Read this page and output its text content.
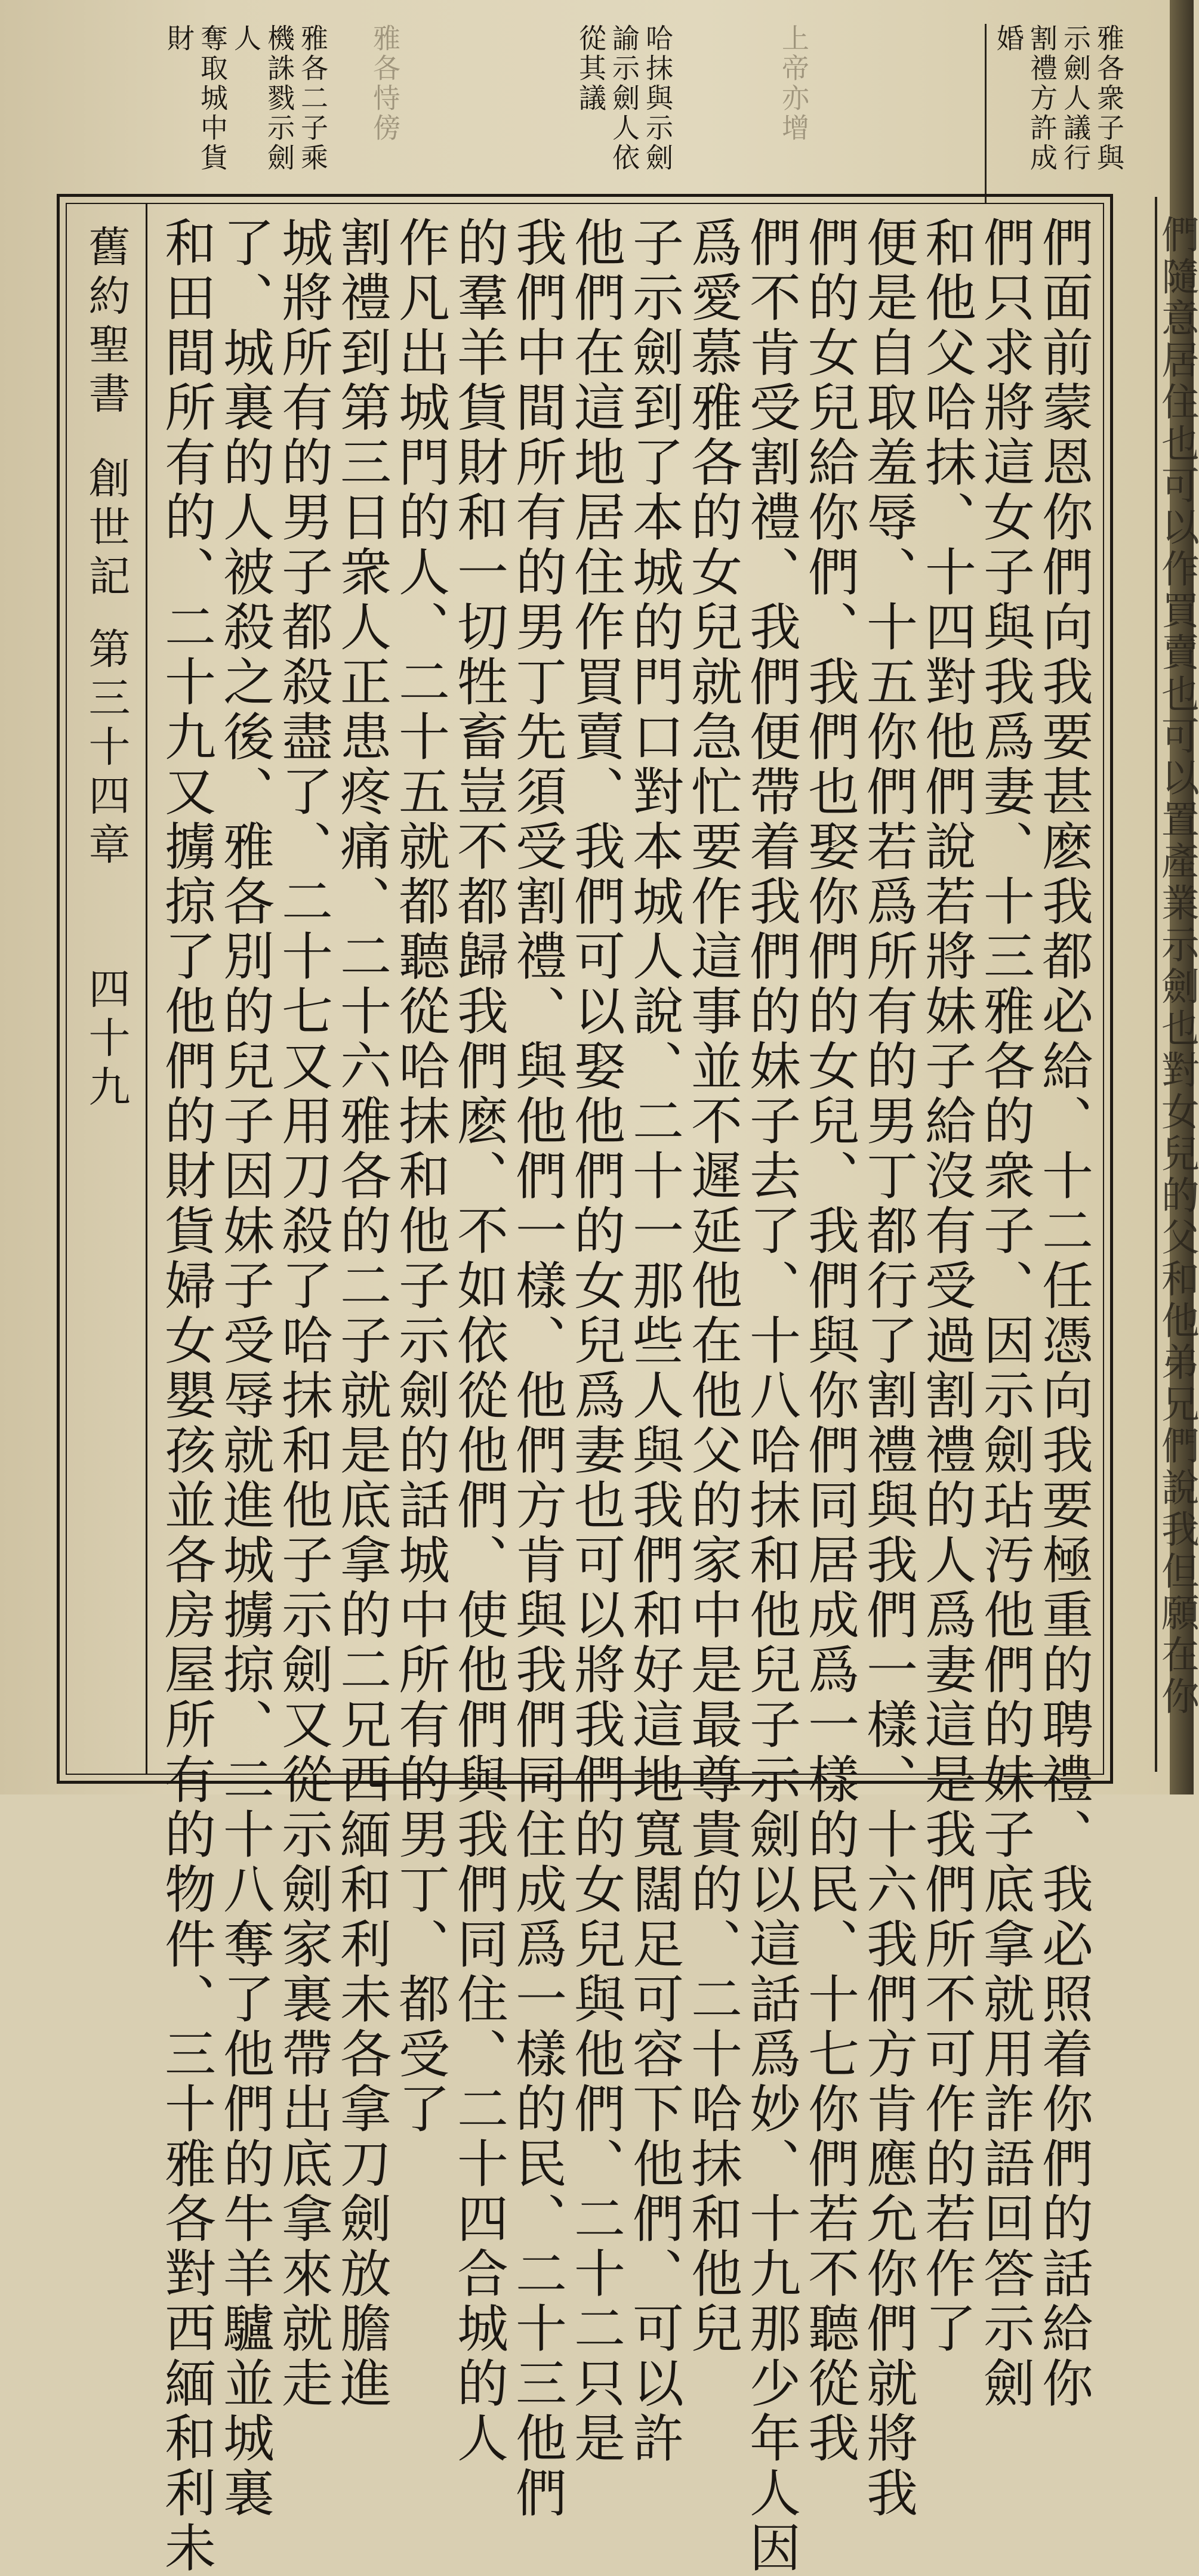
們隨意居住也可以作買賣也可以置產業示劍也對女兒的父和他弟兄們說我但願在你
雅各衆子與
示劍人議行
割禮方許成
婚
上帝亦增
哈抹與示劍
諭示劍人依
從其議
雅各恃傍
雅各二子乘
機誅戮示劍
人
奪取城中貨
財
舊約聖書
創世記
第三十四章
四十九	們面前蒙恩你們向我要甚麽我都必給、十二任憑向我要極重的聘禮、我必照着你們的話給你
們只求將這女子與我爲妻、十三雅各的衆子、因示劍玷汚他們的妹子底拿就用詐語回答示劍
和他父哈抹、十四對他們說若將妹子給沒有受過割禮的人爲妻這是我們所不可作的若作了
便是自取羞辱、十五你們若爲所有的男丁都行了割禮與我們一樣、十六我們方肯應允你們就將我
們的女兒給你們、我們也娶你們的女兒、我們與你們同居成爲一樣的民、十七你們若不聽從我
們不肯受割禮、我們便帶着我們的妹子去了、十八哈抹和他兒子示劍以這話爲妙、十九那少年人因
爲愛慕雅各的女兒就急忙要作這事並不遲延他在他父的家中是最尊貴的、二十哈抹和他兒
子示劍到了本城的門口對本城人說、二十一那些人與我們和好這地寬闊足可容下他們、可以許
他們在這地居住作買賣、我們可以娶他們的女兒爲妻也可以將我們的女兒與他們、二十二只是
我們中間所有的男丁先須受割禮、與他們一樣、他們方肯與我們同住成爲一樣的民、二十三他們
的羣羊貨財和一切牲畜豈不都歸我們麽、不如依從他們、使他們與我們同住、二十四合城的人
作凡出城門的人、二十五就都聽從哈抹和他子示劍的話城中所有的男丁、都受了
割禮到第三日衆人正患疼痛、二十六雅各的二子就是底拿的二兄西緬和利未各拿刀劍放膽進
城將所有的男子都殺盡了、二十七又用刀殺了哈抹和他子示劍又從示劍家裏帶出底拿來就走
了、城裏的人被殺之後、雅各別的兒子因妹子受辱就進城擄掠、二十八奪了他們的牛羊驢並城裏
和田間所有的、二十九又擄掠了他們的財貨婦女嬰孩並各房屋所有的物件、三十雅各對西緬和利未
